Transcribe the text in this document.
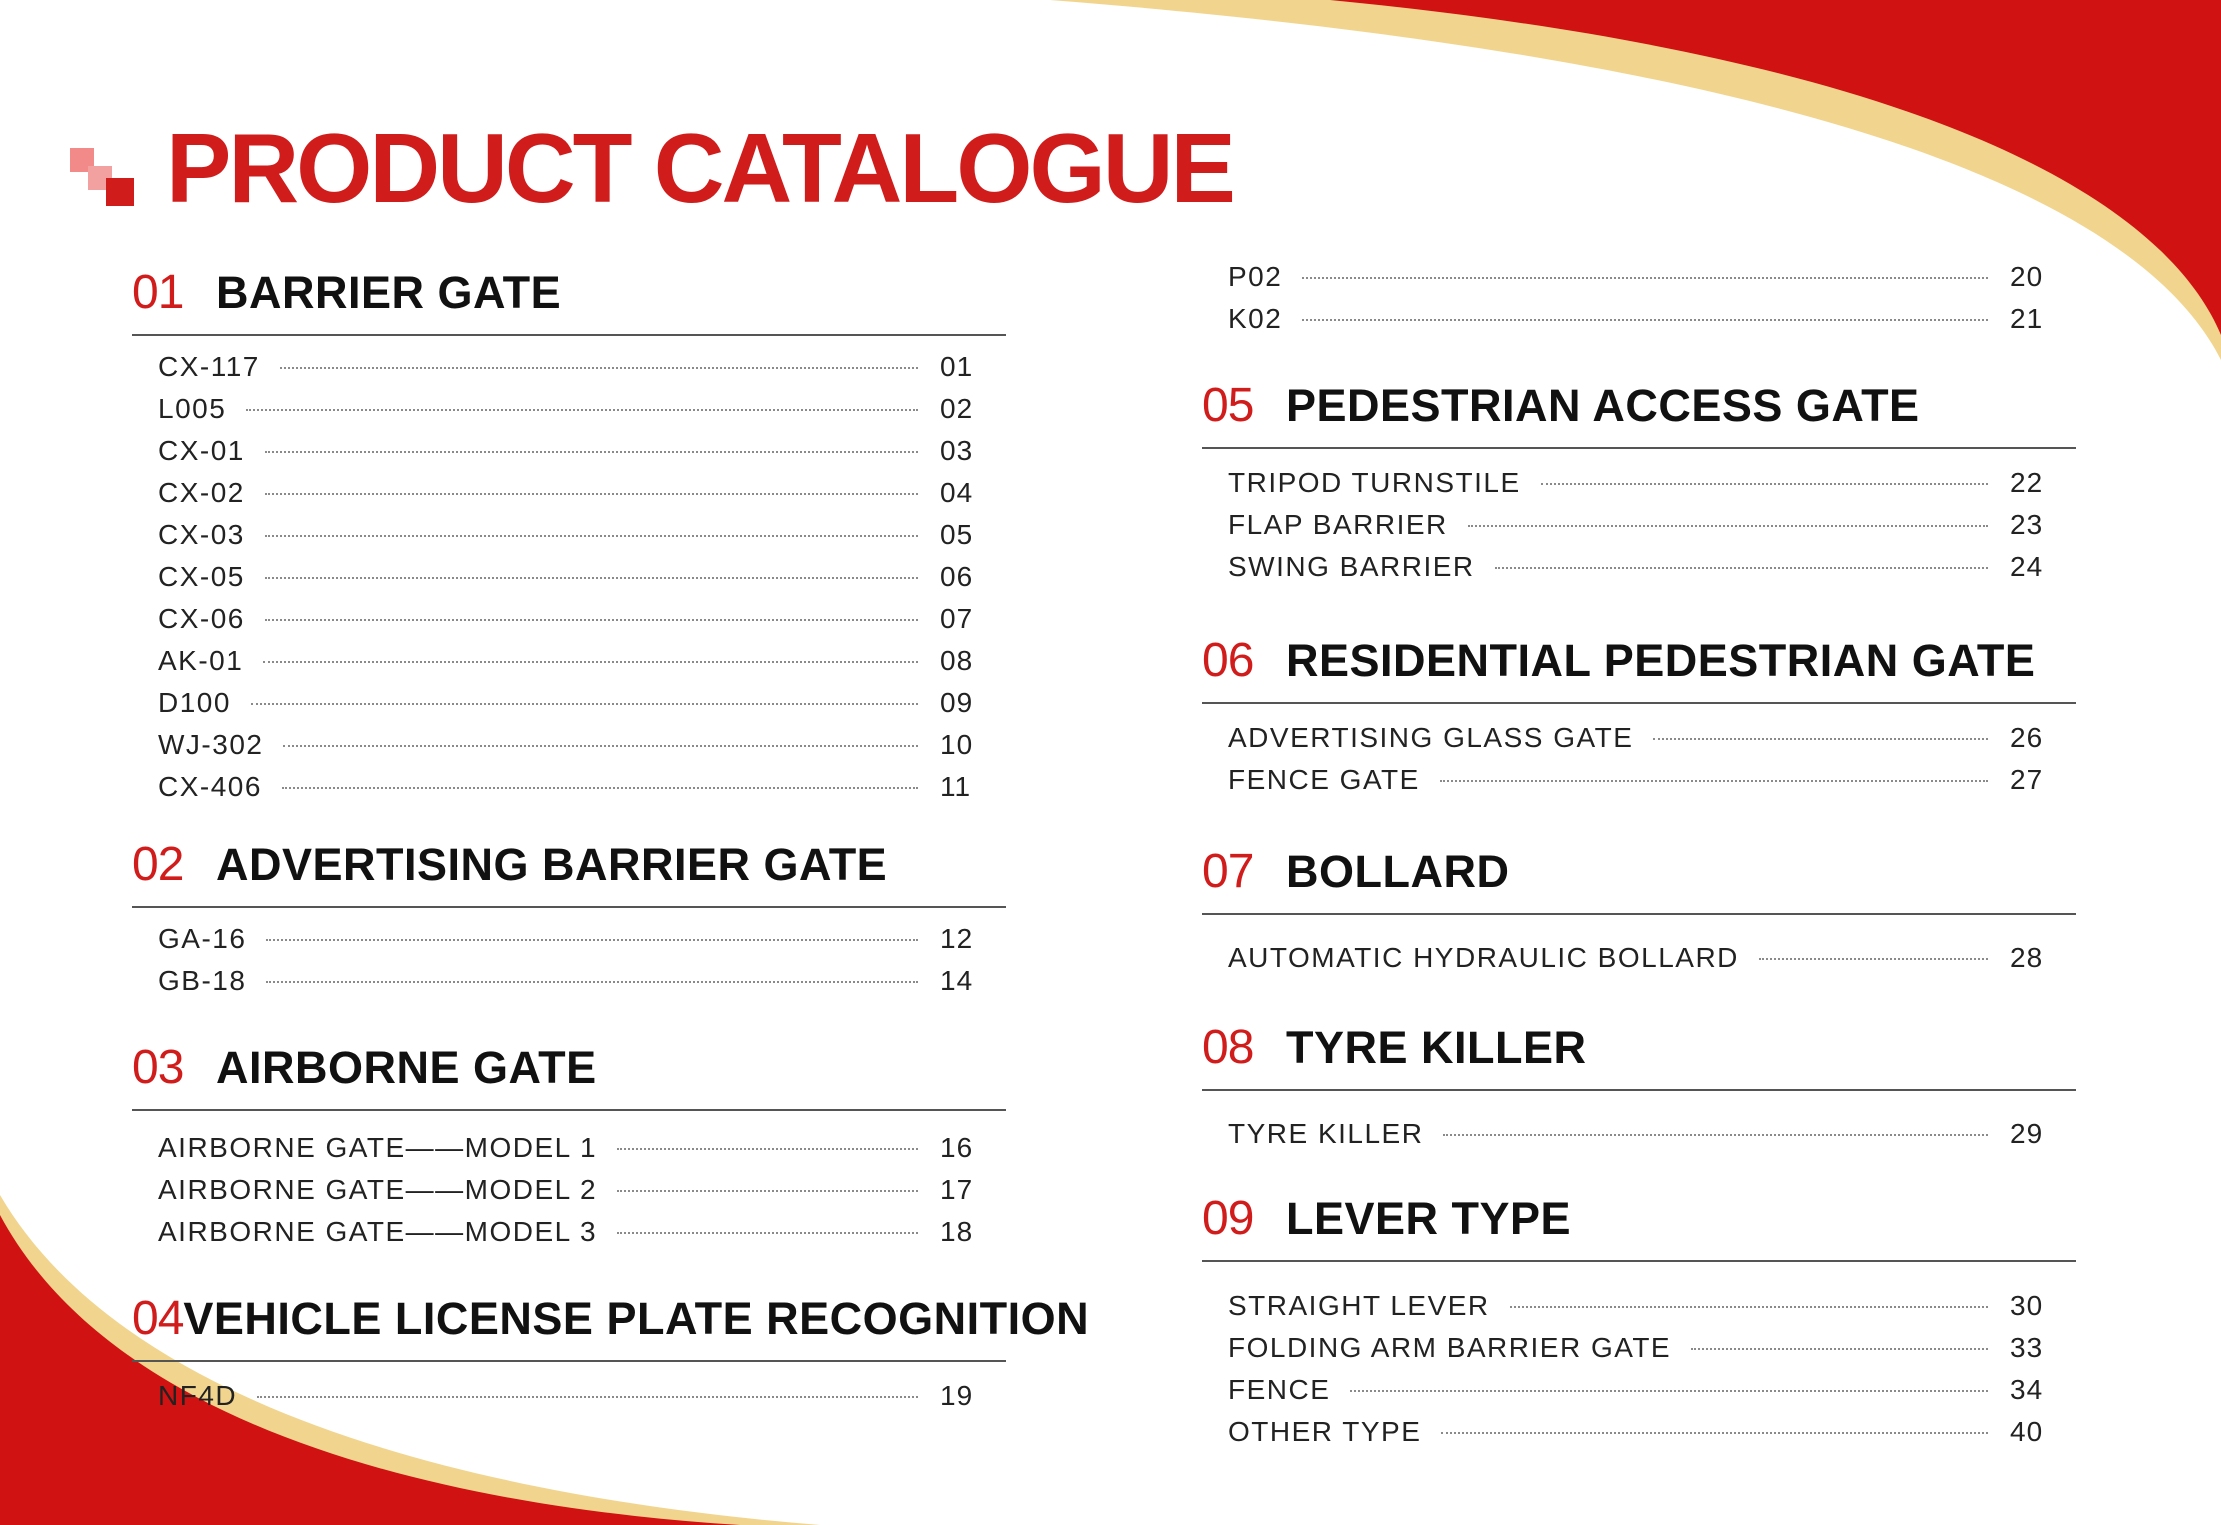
PRODUCT CATALOGUE
01 BARRIER GATE
CX-117	01
L005	02
CX-01	03
CX-02	04
CX-03	05
CX-05	06
CX-06	07
AK-01	08
D100	09
WJ-302	10
CX-406	11
02 ADVERTISING BARRIER GATE
GA-16	12
GB-18	14
03 AIRBORNE GATE
AIRBORNE GATE——MODEL 1	16
AIRBORNE GATE——MODEL 2	17
AIRBORNE GATE——MODEL 3	18
04 VEHICLE LICENSE PLATE RECOGNITION
NF4D	19
P02	20
K02	21
05 PEDESTRIAN ACCESS GATE
TRIPOD TURNSTILE	22
FLAP BARRIER	23
SWING BARRIER	24
06 RESIDENTIAL PEDESTRIAN GATE
ADVERTISING GLASS GATE	26
FENCE GATE	27
07 BOLLARD
AUTOMATIC HYDRAULIC BOLLARD	28
08 TYRE KILLER
TYRE KILLER	29
09 LEVER TYPE
STRAIGHT LEVER	30
FOLDING ARM BARRIER GATE	33
FENCE	34
OTHER TYPE	40
